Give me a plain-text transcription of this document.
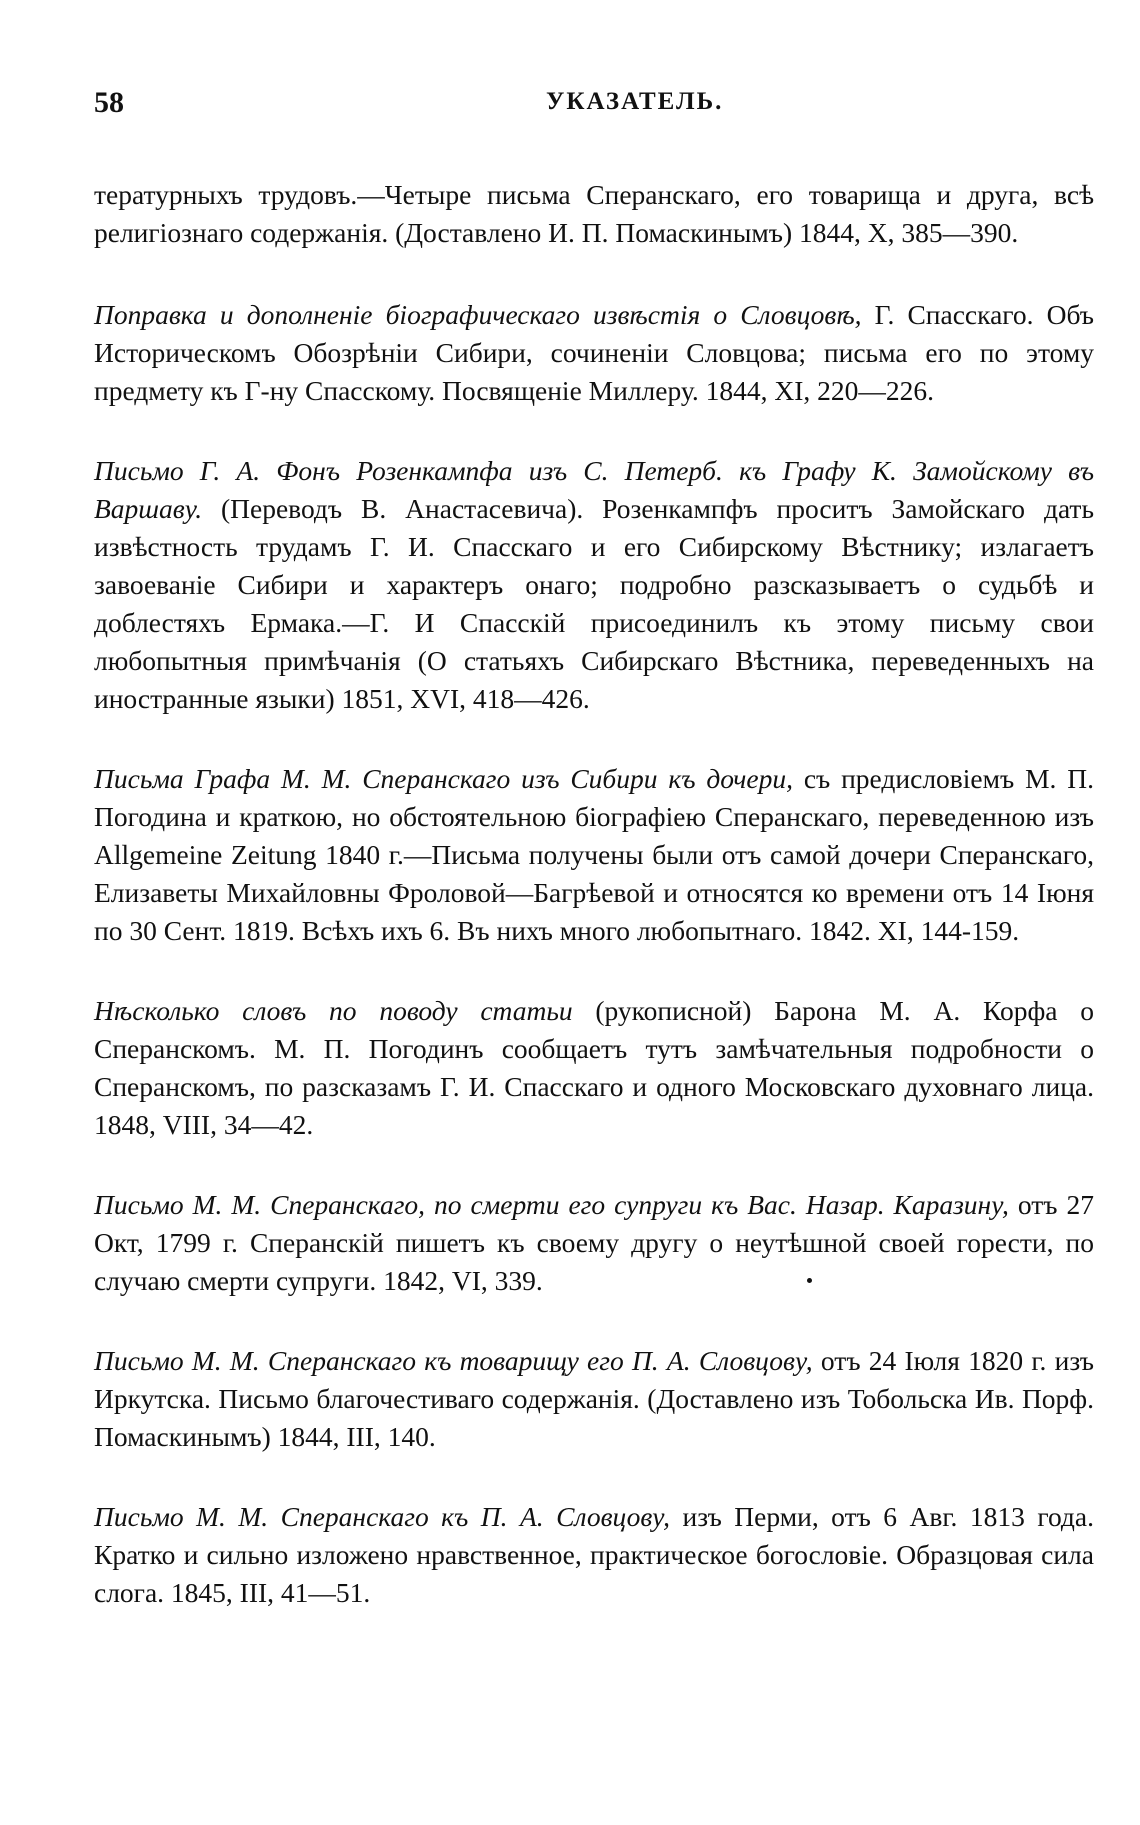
58	УКАЗАТЕЛЬ.

тературныхъ трудовъ.—Четыре письма Сперанскаго, его товарища и друга, всѣ религіознаго содержанія. (Доставлено И. П. Помаскинымъ) 1844, X, 385—390.

Поправка и дополненіе біографическаго извѣстія о Словцовѣ, Г. Спасскаго. Объ Историческомъ Обозрѣніи Сибири, сочиненіи Словцова; письма его по этому предмету къ Г-ну Спасскому. Посвященіе Миллеру. 1844, XI, 220—226.

Письмо Г. А. Фонъ Розенкампфа изъ С. Петерб. къ Графу К. Замойскому въ Варшаву. (Переводъ В. Анастасевича). Розенкампфъ проситъ Замойскаго дать извѣстность трудамъ Г. И. Спасскаго и его Сибирскому Вѣстнику; излагаетъ завоеваніе Сибири и характеръ онаго; подробно разсказываетъ о судьбѣ и доблестяхъ Ермака.—Г. И Спасскій присоединилъ къ этому письму свои любопытныя примѣчанія (О статьяхъ Сибирскаго Вѣстника, переведенныхъ на иностранные языки) 1851, XVI, 418—426.

Письма Графа М. М. Сперанскаго изъ Сибири къ дочери, съ предисловіемъ М. П. Погодина и краткою, но обстоятельною біографіею Сперанскаго, переведенною изъ Allgemeine Zeitung 1840 г.—Письма получены были отъ самой дочери Сперанскаго, Елизаветы Михайловны Фроловой—Багрѣевой и относятся ко времени отъ 14 Іюня по 30 Сент. 1819. Всѣхъ ихъ 6. Въ нихъ много любопытнаго. 1842. XI, 144-159.

Нѣсколько словъ по поводу статьи (рукописной) Барона М. А. Корфа о Сперанскомъ. М. П. Погодинъ сообщаетъ тутъ замѣчательныя подробности о Сперанскомъ, по разсказамъ Г. И. Спасскаго и одного Московскаго духовнаго лица. 1848, VIII, 34—42.

Письмо М. М. Сперанскаго, по смерти его супруги къ Вас. Назар. Каразину, отъ 27 Окт, 1799 г. Сперанскій пишетъ къ своему другу о неутѣшной своей горести, по случаю смерти супруги. 1842, VI, 339.

Письмо М. М. Сперанскаго къ товарищу его П. А. Словцову, отъ 24 Іюля 1820 г. изъ Иркутска. Письмо благочестиваго содержанія. (Доставлено изъ Тобольска Ив. Порф. Помаскинымъ) 1844, III, 140.

Письмо М. М. Сперанскаго къ П. А. Словцову, изъ Перми, отъ 6 Авг. 1813 года. Кратко и сильно изложено нравственное, практическое богословіе. Образцовая сила слога. 1845, III, 41—51.
